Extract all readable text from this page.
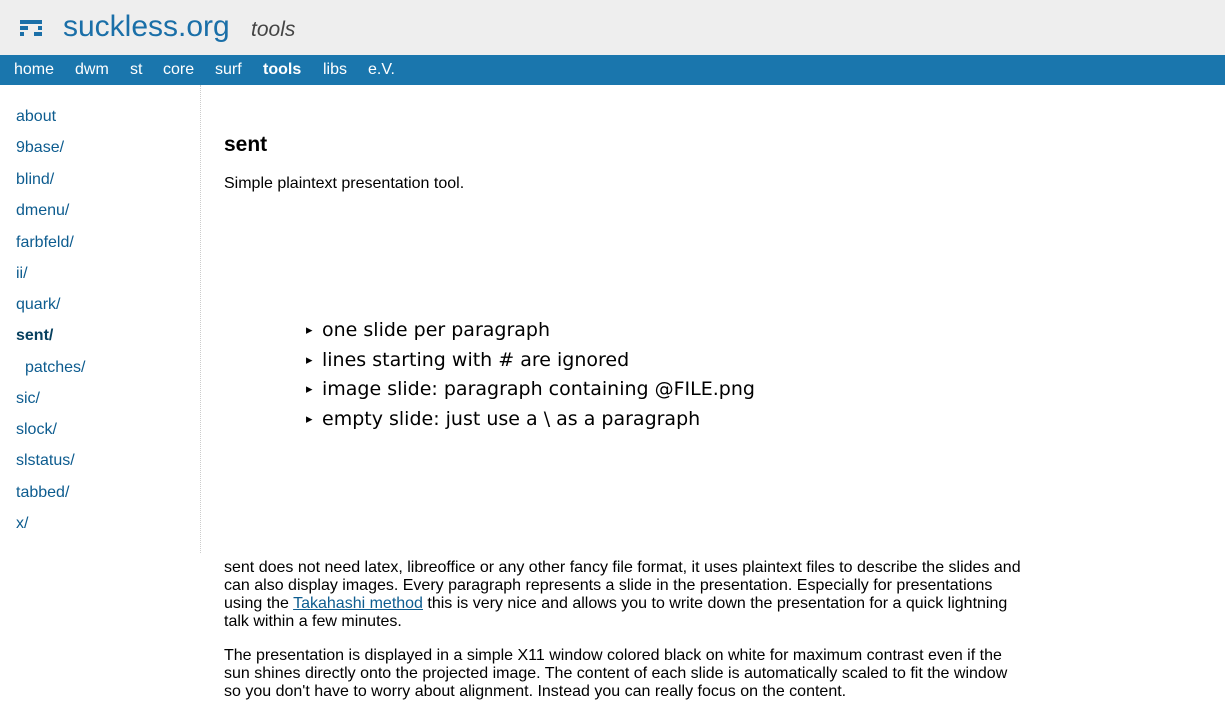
suckless.org tools
home dwm st core surf tools libs e.V.
about
9base/
blind/
dmenu/
farbfeld/
ii/
quark/
sent/
patches/
sic/
slock/
slstatus/
tabbed/
x/
sent

Simple plaintext presentation tool.

▸ one slide per paragraph
▸ lines starting with # are ignored
▸ image slide: paragraph containing @FILE.png
▸ empty slide: just use a \ as a paragraph

sent does not need latex, libreoffice or any other fancy file format, it uses plaintext files to describe the slides and can also display images. Every paragraph represents a slide in the presentation. Especially for presentations using the Takahashi method this is very nice and allows you to write down the presentation for a quick lightning talk within a few minutes.

The presentation is displayed in a simple X11 window colored black on white for maximum contrast even if the sun shines directly onto the projected image. The content of each slide is automatically scaled to fit the window so you don't have to worry about alignment. Instead you can really focus on the content.
